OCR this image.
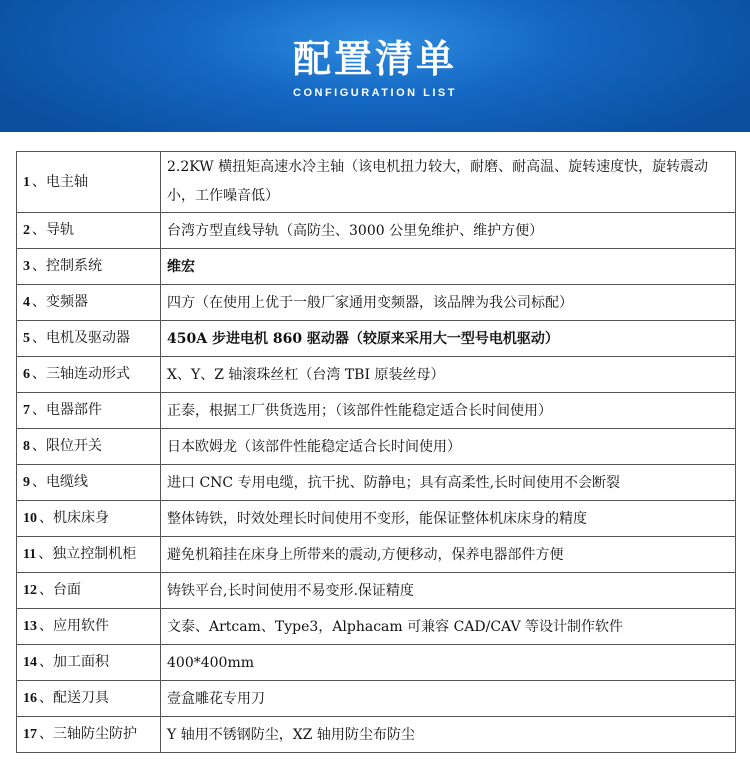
配置清单
CONFIGURATION LIST
1 、电主轴	2.2KW 横扭矩高速水冷主轴（该电机扭力较大，耐磨、耐高温、旋转速度快，旋转震动小，工作噪音低）
2 、导轨	台湾方型直线导轨（高防尘、3000 公里免维护、维护方便）
3 、控制系统	维宏
4 、变频器	四方（在使用上优于一般厂家通用变频器，该品牌为我公司标配）
5 、电机及驱动器	450A 步进电机 860 驱动器（较原来采用大一型号电机驱动）
6 、三轴连动形式	X、Y、Z 轴滚珠丝杠（台湾 TBI 原装丝母）
7 、电器部件	正泰，根据工厂供货选用；（该部件性能稳定适合长时间使用）
8 、限位开关	日本欧姆龙（该部件性能稳定适合长时间使用）
9 、电缆线	进口 CNC 专用电缆，抗干扰、防静电；具有高柔性,长时间使用不会断裂
10 、机床床身	整体铸铁，时效处理长时间使用不变形，能保证整体机床床身的精度
11 、独立控制机柜	避免机箱挂在床身上所带来的震动,方便移动，保养电器部件方便
12 、台面	铸铁平台,长时间使用不易变形.保证精度
13 、应用软件	文泰、Artcam、Type3，Alphacam 可兼容 CAD/CAV 等设计制作软件
14 、加工面积	400*400mm
16 、配送刀具	壹盒雕花专用刀
17 、三轴防尘防护	Y 轴用不锈钢防尘，XZ 轴用防尘布防尘
